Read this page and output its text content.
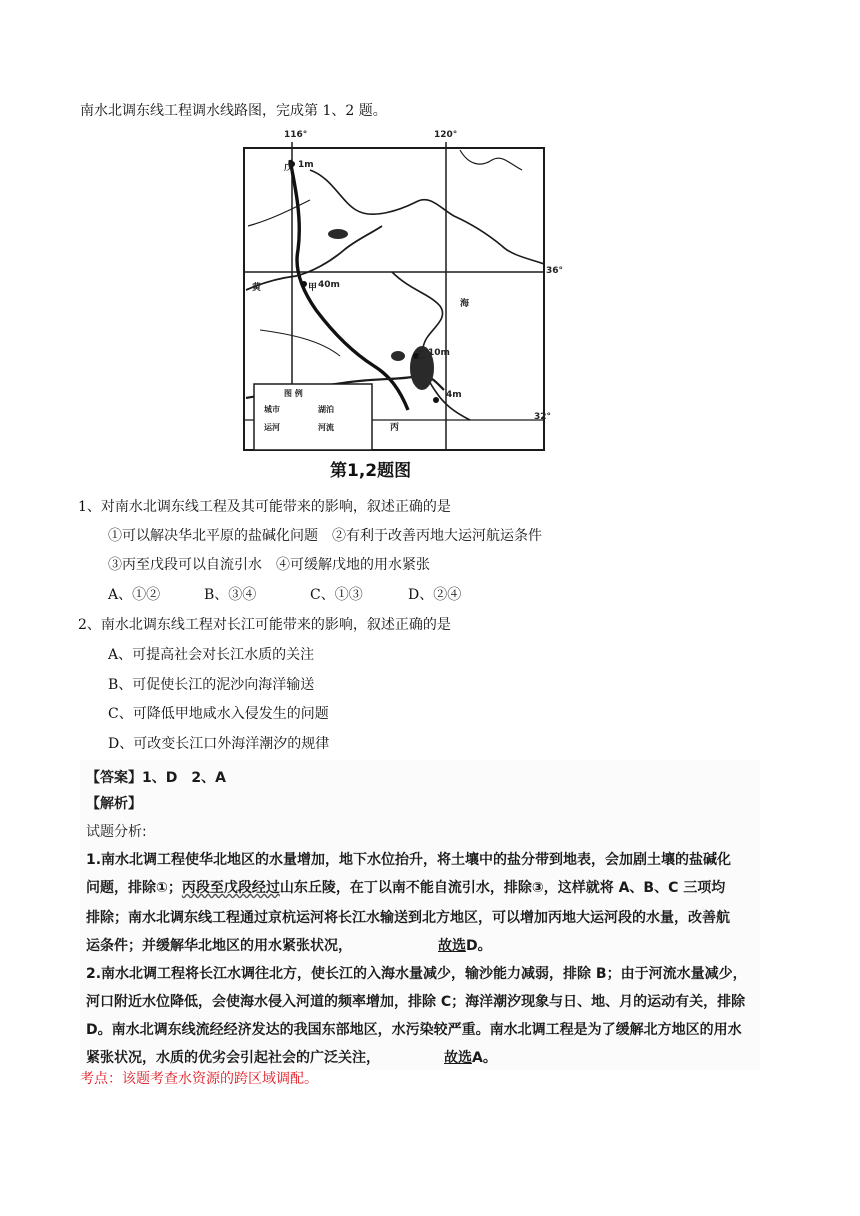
南水北调东线工程调水线路图，完成第 1、2 题。
116°	120°
36°
32°
戊 1m
甲 40m
乙 10m
4m
丙
黄
海
图 例
城市	湖泊
运河	河流
第1,2题图
1、对南水北调东线工程及其可能带来的影响，叙述正确的是
①可以解决华北平原的盐碱化问题　②有利于改善丙地大运河航运条件
③丙至戊段可以自流引水　④可缓解戊地的用水紧张
A、①②	B、③④	C、①③	D、②④
2、南水北调东线工程对长江可能带来的影响，叙述正确的是
A、可提高社会对长江水质的关注
B、可促使长江的泥沙向海洋输送
C、可降低甲地咸水入侵发生的问题
D、可改变长江口外海洋潮汐的规律
【答案】1、D　2、A
【解析】
试题分析:
1.南水北调工程使华北地区的水量增加，地下水位抬升，将土壤中的盐分带到地表，会加剧土壤的盐碱化
问题，排除①；丙段至戊段经过山东丘陵，在丁以南不能自流引水，排除③，这样就将 A、B、C 三项均
排除；南水北调东线工程通过京杭运河将长江水输送到北方地区，可以增加丙地大运河段的水量，改善航
运条件；并缓解华北地区的用水紧张状况，	故选D。
2.南水北调工程将长江水调往北方，使长江的入海水量减少，输沙能力减弱，排除 B；由于河流水量减少，
河口附近水位降低，会使海水侵入河道的频率增加，排除 C；海洋潮汐现象与日、地、月的运动有关，排除
D。南水北调东线流经经济发达的我国东部地区，水污染较严重。南水北调工程是为了缓解北方地区的用水
紧张状况，水质的优劣会引起社会的广泛关注，	故选A。
考点：该题考查水资源的跨区域调配。
